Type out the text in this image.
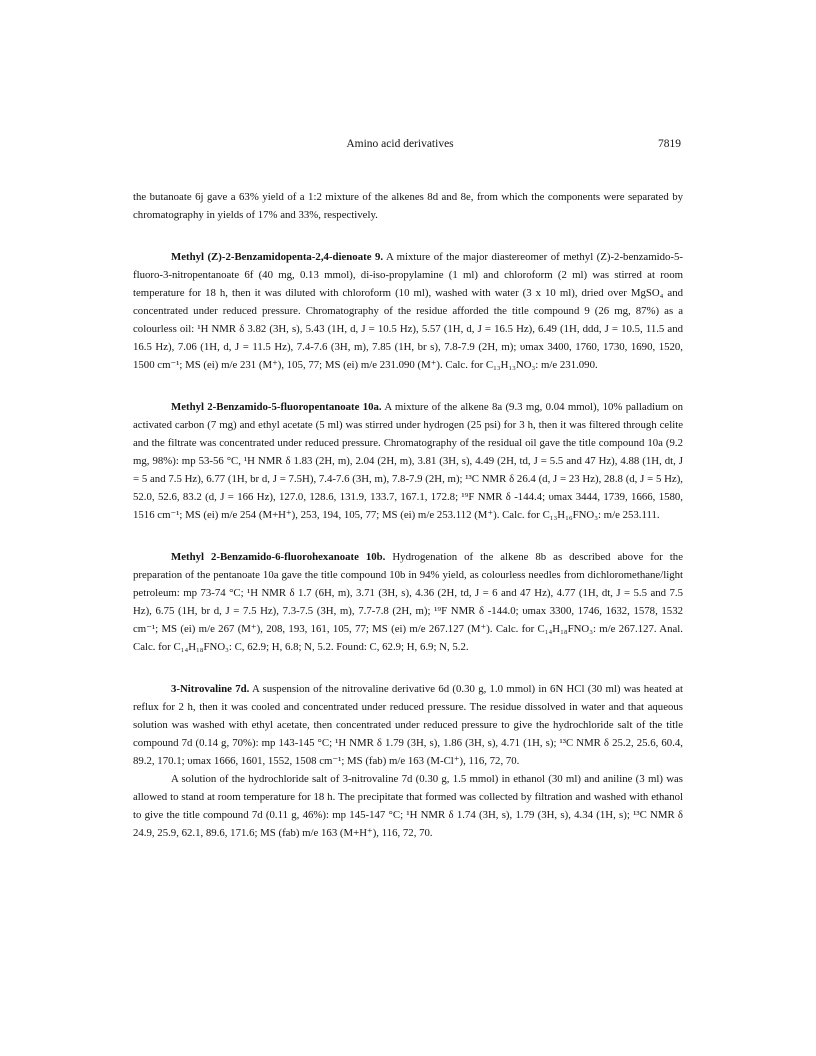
Amino acid derivatives	7819

the butanoate 6j gave a 63% yield of a 1:2 mixture of the alkenes 8d and 8e, from which the components were separated by chromatography in yields of 17% and 33%, respectively.

Methyl (Z)-2-Benzamidopenta-2,4-dienoate 9. A mixture of the major diastereomer of methyl (Z)-2-benzamido-5-fluoro-3-nitropentanoate 6f (40 mg, 0.13 mmol), di-iso-propylamine (1 ml) and chloroform (2 ml) was stirred at room temperature for 18 h, then it was diluted with chloroform (10 ml), washed with water (3 x 10 ml), dried over MgSO₄ and concentrated under reduced pressure. Chromatography of the residue afforded the title compound 9 (26 mg, 87%) as a colourless oil: ¹H NMR δ 3.82 (3H, s), 5.43 (1H, d, J = 10.5 Hz), 5.57 (1H, d, J = 16.5 Hz), 6.49 (1H, ddd, J = 10.5, 11.5 and 16.5 Hz), 7.06 (1H, d, J = 11.5 Hz), 7.4-7.6 (3H, m), 7.85 (1H, br s), 7.8-7.9 (2H, m); υmax 3400, 1760, 1730, 1690, 1520, 1500 cm⁻¹; MS (ei) m/e 231 (M⁺), 105, 77; MS (ei) m/e 231.090 (M⁺). Calc. for C₁₃H₁₃NO₃: m/e 231.090.

Methyl 2-Benzamido-5-fluoropentanoate 10a. A mixture of the alkene 8a (9.3 mg, 0.04 mmol), 10% palladium on activated carbon (7 mg) and ethyl acetate (5 ml) was stirred under hydrogen (25 psi) for 3 h, then it was filtered through celite and the filtrate was concentrated under reduced pressure. Chromatography of the residual oil gave the title compound 10a (9.2 mg, 98%): mp 53-56 °C, ¹H NMR δ 1.83 (2H, m), 2.04 (2H, m), 3.81 (3H, s), 4.49 (2H, td, J = 5.5 and 47 Hz), 4.88 (1H, dt, J = 5 and 7.5 Hz), 6.77 (1H, br d, J = 7.5H), 7.4-7.6 (3H, m), 7.8-7.9 (2H, m); ¹³C NMR δ 26.4 (d, J = 23 Hz), 28.8 (d, J = 5 Hz), 52.0, 52.6, 83.2 (d, J = 166 Hz), 127.0, 128.6, 131.9, 133.7, 167.1, 172.8; ¹⁹F NMR δ -144.4; υmax 3444, 1739, 1666, 1580, 1516 cm⁻¹; MS (ei) m/e 254 (M+H⁺), 253, 194, 105, 77; MS (ei) m/e 253.112 (M⁺). Calc. for C₁₃H₁₆FNO₃: m/e 253.111.

Methyl 2-Benzamido-6-fluorohexanoate 10b. Hydrogenation of the alkene 8b as described above for the preparation of the pentanoate 10a gave the title compound 10b in 94% yield, as colourless needles from dichloromethane/light petroleum: mp 73-74 °C; ¹H NMR δ 1.7 (6H, m), 3.71 (3H, s), 4.36 (2H, td, J = 6 and 47 Hz), 4.77 (1H, dt, J = 5.5 and 7.5 Hz), 6.75 (1H, br d, J = 7.5 Hz), 7.3-7.5 (3H, m), 7.7-7.8 (2H, m); ¹⁹F NMR δ -144.0; υmax 3300, 1746, 1632, 1578, 1532 cm⁻¹; MS (ei) m/e 267 (M⁺), 208, 193, 161, 105, 77; MS (ei) m/e 267.127 (M⁺). Calc. for C₁₄H₁₈FNO₃: m/e 267.127. Anal. Calc. for C₁₄H₁₈FNO₃: C, 62.9; H, 6.8; N, 5.2. Found: C, 62.9; H, 6.9; N, 5.2.

3-Nitrovaline 7d. A suspension of the nitrovaline derivative 6d (0.30 g, 1.0 mmol) in 6N HCl (30 ml) was heated at reflux for 2 h, then it was cooled and concentrated under reduced pressure. The residue dissolved in water and that aqueous solution was washed with ethyl acetate, then concentrated under reduced pressure to give the hydrochloride salt of the title compound 7d (0.14 g, 70%): mp 143-145 °C; ¹H NMR δ 1.79 (3H, s), 1.86 (3H, s), 4.71 (1H, s); ¹³C NMR δ 25.2, 25.6, 60.4, 89.2, 170.1; υmax 1666, 1601, 1552, 1508 cm⁻¹; MS (fab) m/e 163 (M-Cl⁺), 116, 72, 70.

A solution of the hydrochloride salt of 3-nitrovaline 7d (0.30 g, 1.5 mmol) in ethanol (30 ml) and aniline (3 ml) was allowed to stand at room temperature for 18 h. The precipitate that formed was collected by filtration and washed with ethanol to give the title compound 7d (0.11 g, 46%): mp 145-147 °C; ¹H NMR δ 1.74 (3H, s), 1.79 (3H, s), 4.34 (1H, s); ¹³C NMR δ 24.9, 25.9, 62.1, 89.6, 171.6; MS (fab) m/e 163 (M+H⁺), 116, 72, 70.
